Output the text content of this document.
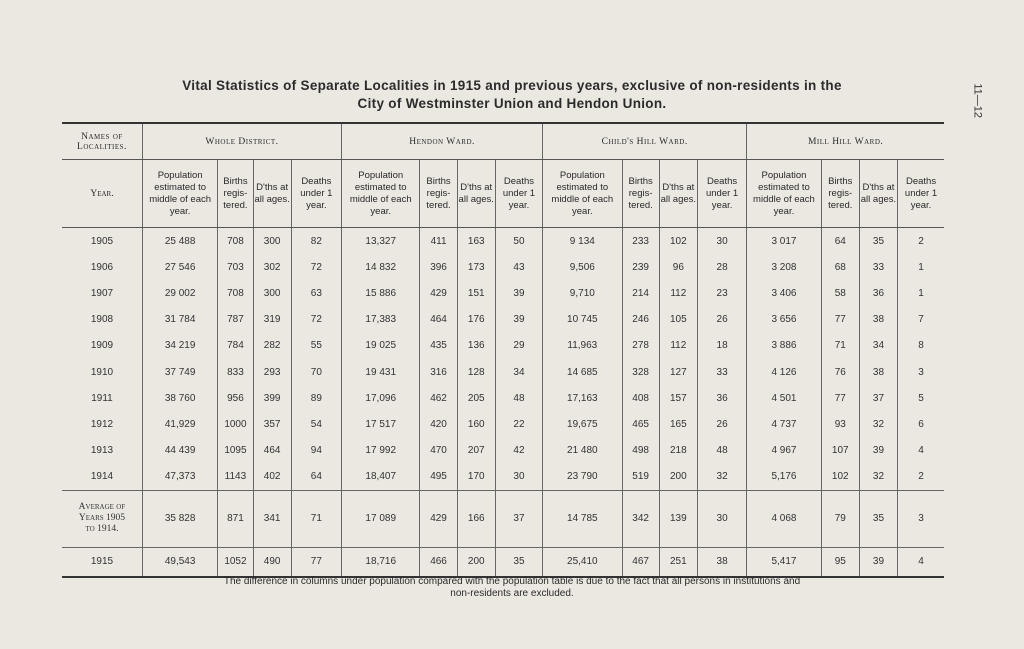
Vital Statistics of Separate Localities in 1915 and previous years, exclusive of non-residents in the
City of Westminster Union and Hendon Union.	11—12
Names of Localities.	Whole District.				Hendon Ward.				Child's Hill Ward.				Mill Hill Ward.			
Year.	Population estimated to middle of each year.	Births regis-tered.	D'ths at all ages.	Deaths under 1 year.	Population estimated to middle of each year.	Births regis-tered.	D'ths at all ages.	Deaths under 1 year.	Population estimated to middle of each year.	Births regis-tered.	D'ths at all ages.	Deaths under 1 year.	Population estimated to middle of each year.	Births regis-tered.	D'ths at all ages.	Deaths under 1 year.
1905	25 488	708	300	82	13,327	411	163	50	9 134	233	102	30	3 017	64	35	2
1906	27 546	703	302	72	14 832	396	173	43	9,506	239	96	28	3 208	68	33	1
1907	29 002	708	300	63	15 886	429	151	39	9,710	214	112	23	3 406	58	36	1
1908	31 784	787	319	72	17,383	464	176	39	10 745	246	105	26	3 656	77	38	7
1909	34 219	784	282	55	19 025	435	136	29	11,963	278	112	18	3 886	71	34	8
1910	37 749	833	293	70	19 431	316	128	34	14 685	328	127	33	4 126	76	38	3
1911	38 760	956	399	89	17,096	462	205	48	17,163	408	157	36	4 501	77	37	5
1912	41,929	1000	357	54	17 517	420	160	22	19,675	465	165	26	4 737	93	32	6
1913	44 439	1095	464	94	17 992	470	207	42	21 480	498	218	48	4 967	107	39	4
1914	47,373	1143	402	64	18,407	495	170	30	23 790	519	200	32	5,176	102	32	2

Average of
Years 1905
to 1914.	35 828	871	341	71	17 089	429	166	37	14 785	342	139	30	4 068	79	35	3
1915	49,543	1052	490	77	18,716	466	200	35	25,410	467	251	38	5,417	95	39	4
The difference in columns under population compared with the population table is due to the fact that all persons in institutions and
non-residents are excluded.
